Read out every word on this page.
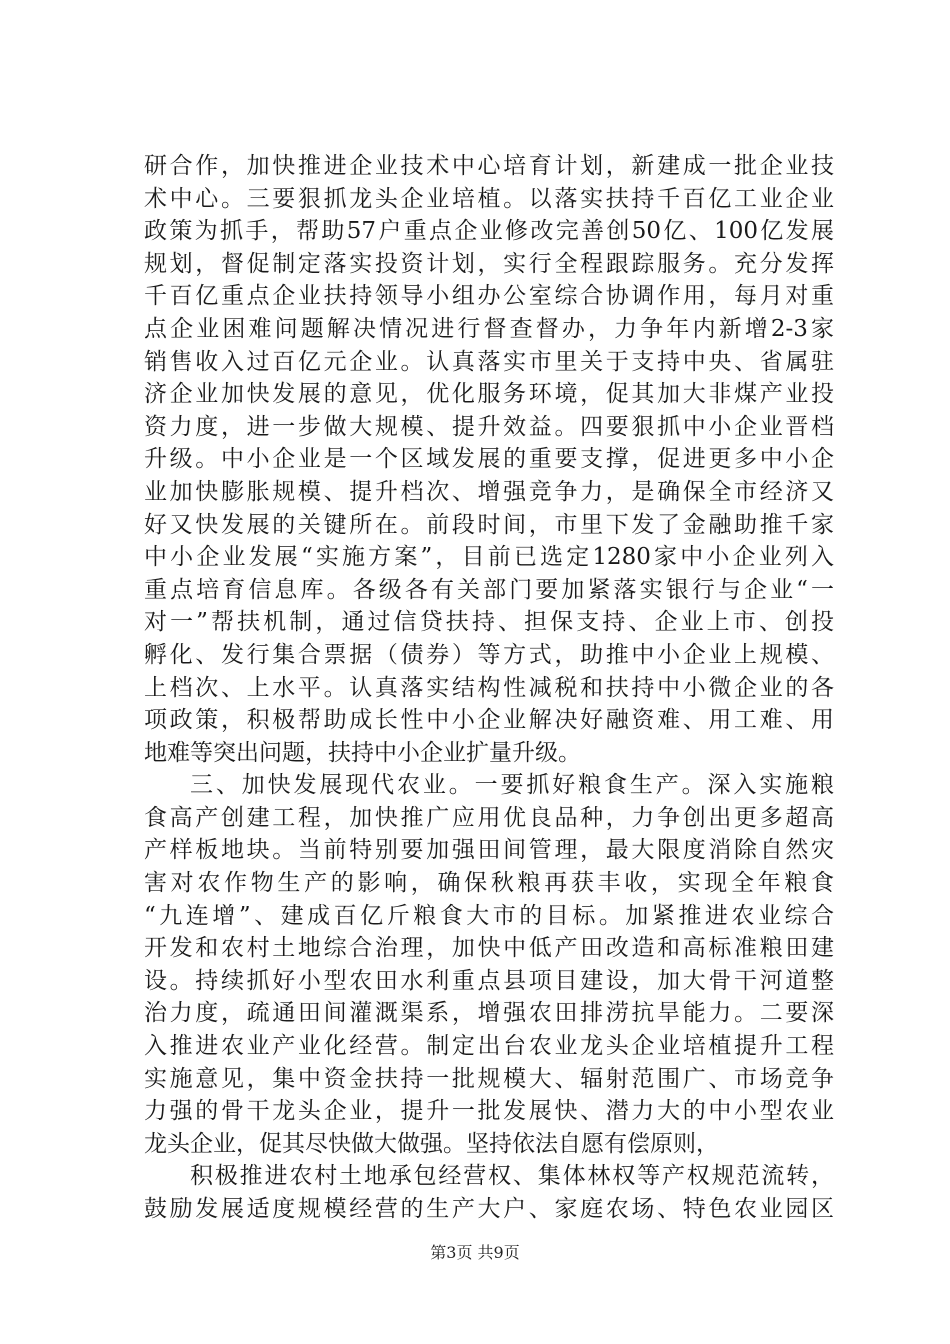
研合作，加快推进企业技术中心培育计划，新建成一批企业技
术中心。三要狠抓龙头企业培植。以落实扶持千百亿工业企业
政策为抓手，帮助57户重点企业修改完善创50亿、100亿发展
规划，督促制定落实投资计划，实行全程跟踪服务。充分发挥
千百亿重点企业扶持领导小组办公室综合协调作用，每月对重
点企业困难问题解决情况进行督查督办，力争年内新增2-3家
销售收入过百亿元企业。认真落实市里关于支持中央、省属驻
济企业加快发展的意见，优化服务环境，促其加大非煤产业投
资力度，进一步做大规模、提升效益。四要狠抓中小企业晋档
升级。中小企业是一个区域发展的重要支撑，促进更多中小企
业加快膨胀规模、提升档次、增强竞争力，是确保全市经济又
好又快发展的关键所在。前段时间，市里下发了金融助推千家
中小企业发展“实施方案”，目前已选定1280家中小企业列入
重点培育信息库。各级各有关部门要加紧落实银行与企业“一
对一”帮扶机制，通过信贷扶持、担保支持、企业上市、创投
孵化、发行集合票据（债券）等方式，助推中小企业上规模、
上档次、上水平。认真落实结构性减税和扶持中小微企业的各
项政策，积极帮助成长性中小企业解决好融资难、用工难、用
地难等突出问题，扶持中小企业扩量升级。
三、加快发展现代农业。一要抓好粮食生产。深入实施粮
食高产创建工程，加快推广应用优良品种，力争创出更多超高
产样板地块。当前特别要加强田间管理，最大限度消除自然灾
害对农作物生产的影响，确保秋粮再获丰收，实现全年粮食
“九连增”、建成百亿斤粮食大市的目标。加紧推进农业综合
开发和农村土地综合治理，加快中低产田改造和高标准粮田建
设。持续抓好小型农田水利重点县项目建设，加大骨干河道整
治力度，疏通田间灌溉渠系，增强农田排涝抗旱能力。二要深
入推进农业产业化经营。制定出台农业龙头企业培植提升工程
实施意见，集中资金扶持一批规模大、辐射范围广、市场竞争
力强的骨干龙头企业，提升一批发展快、潜力大的中小型农业
龙头企业，促其尽快做大做强。坚持依法自愿有偿原则，
积极推进农村土地承包经营权、集体林权等产权规范流转，
鼓励发展适度规模经营的生产大户、家庭农场、特色农业园区
第3页 共9页
